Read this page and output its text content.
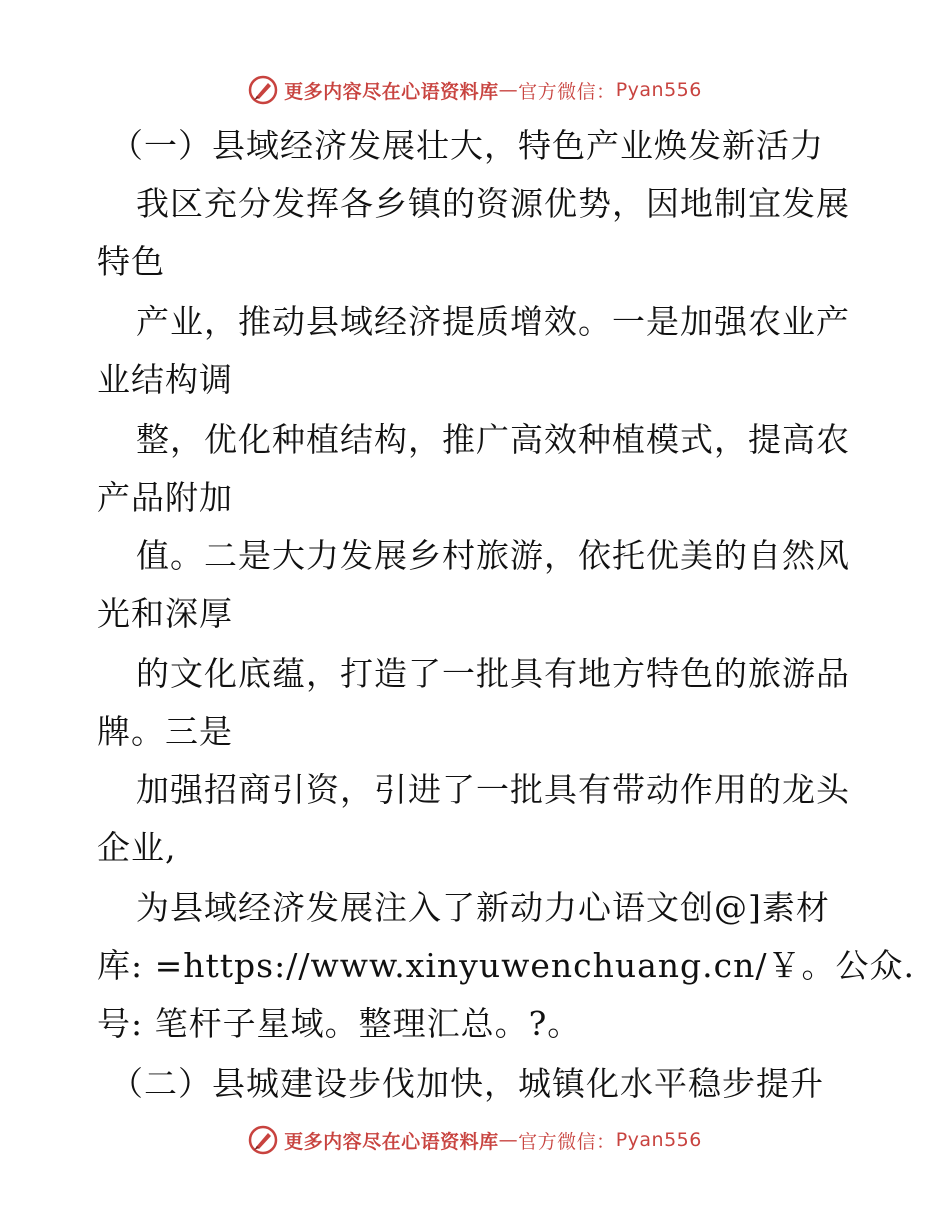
更多内容尽在心语资料库 — 官方微信： Pyan556
（一）县域经济发展壮大，特色产业焕发新活力
我区充分发挥各乡镇的资源优势，因地制宜发展
特色
产业，推动县域经济提质增效。一是加强农业产
业结构调
整，优化种植结构，推广高效种植模式，提高农
产品附加
值。二是大力发展乡村旅游，依托优美的自然风
光和深厚
的文化底蕴，打造了一批具有地方特色的旅游品
牌。三是
加强招商引资，引进了一批具有带动作用的龙头
企业,
为县域经济发展注入了新动力心语文创@]素材
库: =https://www.xinyuwenchuang.cn/￥。公众.
号: 笔杆子星域。整理汇总。?。
（二）县城建设步伐加快，城镇化水平稳步提升
更多内容尽在心语资料库 — 官方微信： Pyan556
